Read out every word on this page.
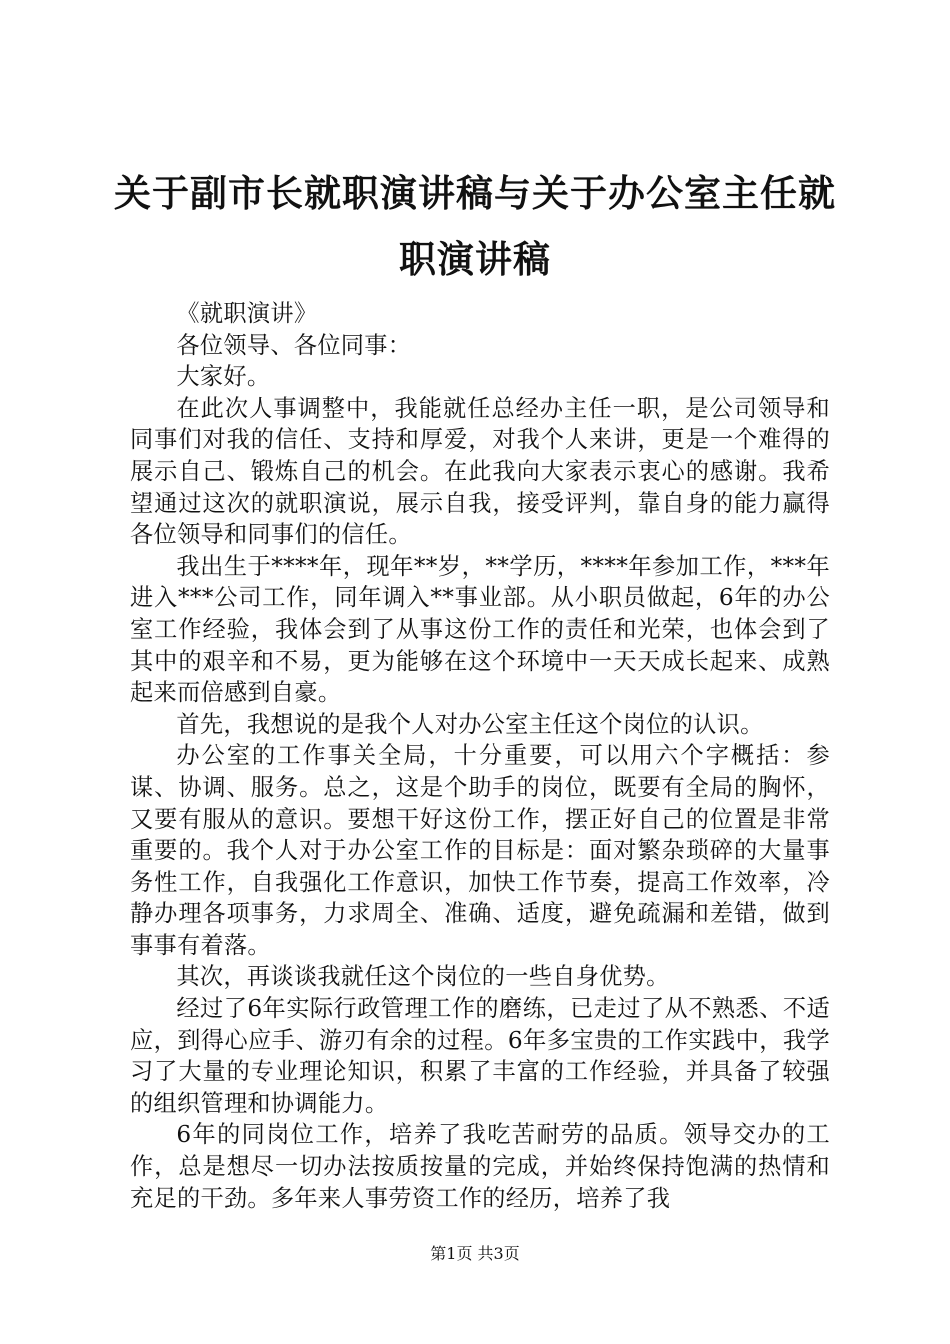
关于副市长就职演讲稿与关于办公室主任就职演讲稿

《就职演讲》

各位领导、各位同事：

大家好。

在此次人事调整中，我能就任总经办主任一职，是公司领导和同事们对我的信任、支持和厚爱，对我个人来讲，更是一个难得的展示自己、锻炼自己的机会。在此我向大家表示衷心的感谢。我希望通过这次的就职演说，展示自我，接受评判，靠自身的能力赢得各位领导和同事们的信任。

我出生于****年，现年**岁，**学历，****年参加工作，***年进入***公司工作，同年调入**事业部。从小职员做起，6年的办公室工作经验，我体会到了从事这份工作的责任和光荣，也体会到了其中的艰辛和不易，更为能够在这个环境中一天天成长起来、成熟起来而倍感到自豪。

首先，我想说的是我个人对办公室主任这个岗位的认识。

办公室的工作事关全局，十分重要，可以用六个字概括：参谋、协调、服务。总之，这是个助手的岗位，既要有全局的胸怀，又要有服从的意识。要想干好这份工作，摆正好自己的位置是非常重要的。我个人对于办公室工作的目标是：面对繁杂琐碎的大量事务性工作，自我强化工作意识，加快工作节奏，提高工作效率，冷静办理各项事务，力求周全、准确、适度，避免疏漏和差错，做到事事有着落。

其次，再谈谈我就任这个岗位的一些自身优势。

经过了6年实际行政管理工作的磨练，已走过了从不熟悉、不适应，到得心应手、游刃有余的过程。6年多宝贵的工作实践中，我学习了大量的专业理论知识，积累了丰富的工作经验，并具备了较强的组织管理和协调能力。

6年的同岗位工作，培养了我吃苦耐劳的品质。领导交办的工作，总是想尽一切办法按质按量的完成，并始终保持饱满的热情和充足的干劲。多年来人事劳资工作的经历，培养了我

第1页 共3页
